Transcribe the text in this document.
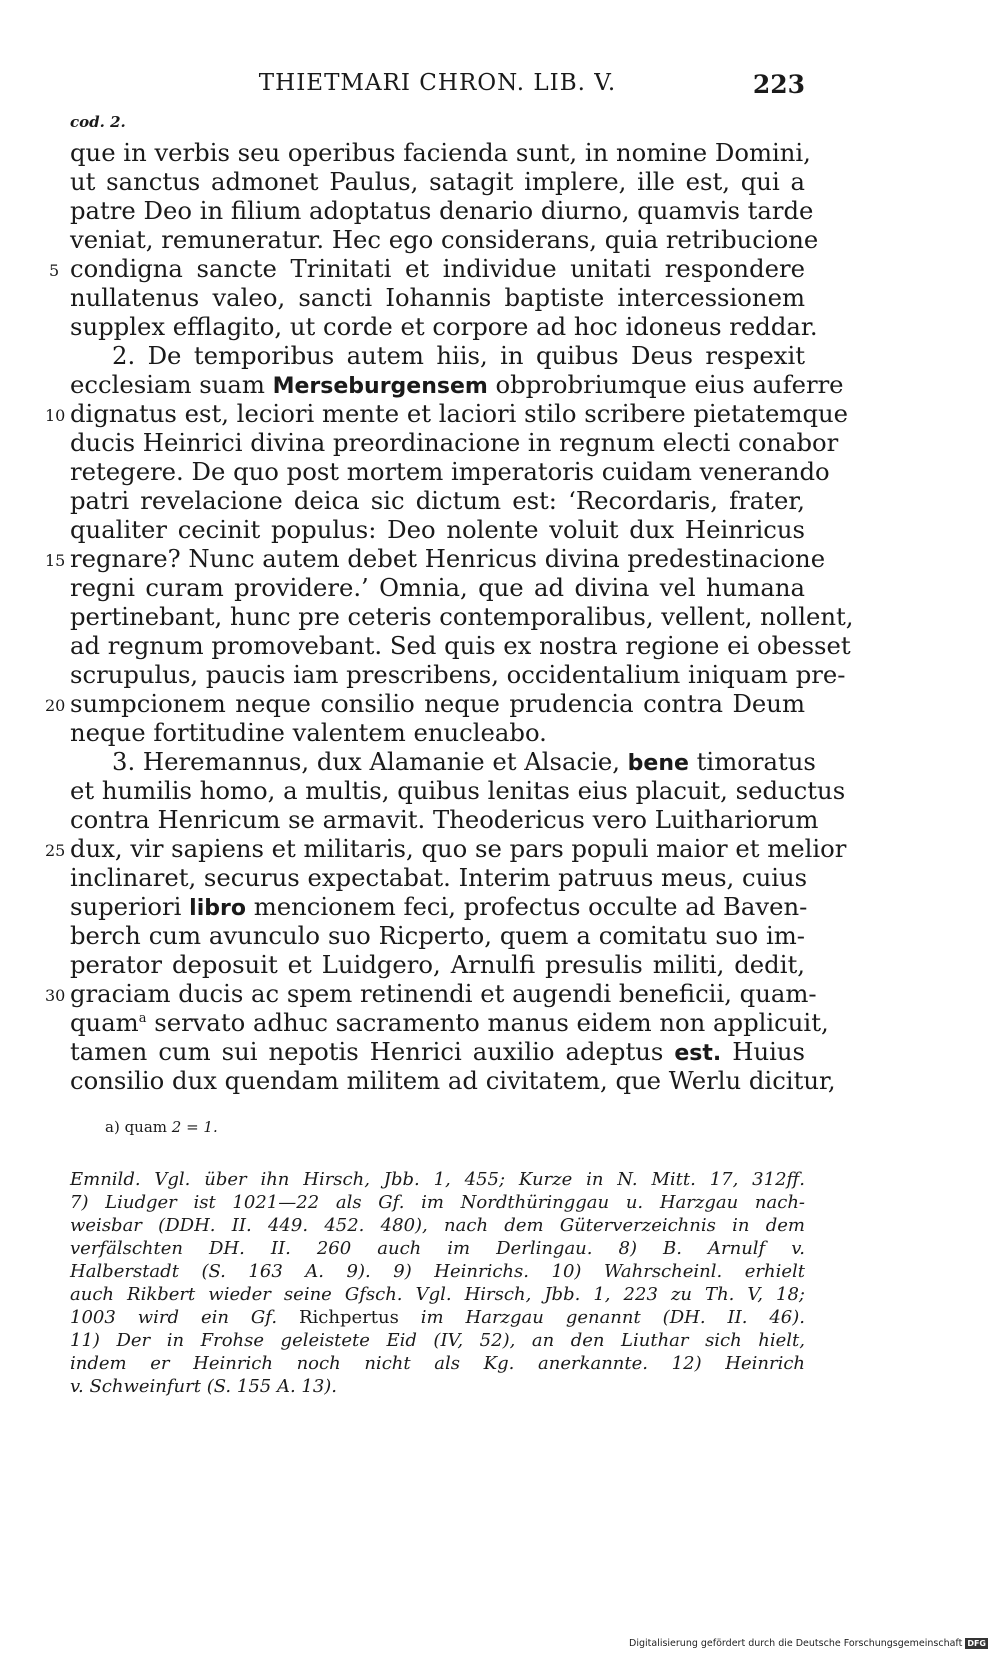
THIETMARI CHRON. LIB. V.	223
cod. 2.
que in verbis seu operibus facienda sunt, in nomine Domini,
ut sanctus admonet Paulus, satagit implere, ille est, qui a
patre Deo in filium adoptatus denario diurno, quamvis tarde
veniat, remuneratur. Hec ego considerans, quia retribucione
5 condigna sancte Trinitati et individue unitati respondere
nullatenus valeo, sancti Iohannis baptiste intercessionem
supplex efflagito, ut corde et corpore ad hoc idoneus reddar.
2. De temporibus autem hiis, in quibus Deus respexit
ecclesiam suam Merseburgensem obprobriumque eius auferre
10 dignatus est, leciori mente et laciori stilo scribere pietatemque
ducis Heinrici divina preordinacione in regnum electi conabor
retegere. De quo post mortem imperatoris cuidam venerando
patri revelacione deica sic dictum est: ‘Recordaris, frater,
qualiter cecinit populus: Deo nolente voluit dux Heinricus
15 regnare? Nunc autem debet Henricus divina predestinacione
regni curam providere.’ Omnia, que ad divina vel humana
pertinebant, hunc pre ceteris contemporalibus, vellent, nollent,
ad regnum promovebant. Sed quis ex nostra regione ei obesset
scrupulus, paucis iam prescribens, occidentalium iniquam pre-
20 sumpcionem neque consilio neque prudencia contra Deum
neque fortitudine valentem enucleabo.
3. Heremannus, dux Alamanie et Alsacie, bene timoratus
et humilis homo, a multis, quibus lenitas eius placuit, seductus
contra Henricum se armavit. Theodericus vero Luithariorum
25 dux, vir sapiens et militaris, quo se pars populi maior et melior
inclinaret, securus expectabat. Interim patruus meus, cuius
superiori libro mencionem feci, profectus occulte ad Baven-
berch cum avunculo suo Ricperto, quem a comitatu suo im-
perator deposuit et Luidgero, Arnulfi presulis militi, dedit,
30 graciam ducis ac spem retinendi et augendi beneficii, quam-
quam$^a$ servato adhuc sacramento manus eidem non applicuit,
tamen cum sui nepotis Henrici auxilio adeptus est. Huius
consilio dux quendam militem ad civitatem, que Werlu dicitur,
a) quam 2 = 1.
Emnild. Vgl. über ihn Hirsch, Jbb. 1, 455; Kurze in N. Mitt. 17, 312ff.
7) Liudger ist 1021—22 als Gf. im Nordthüringgau u. Harzgau nach-
weisbar (DDH. II. 449. 452. 480), nach dem Güterverzeichnis in dem
verfälschten DH. II. 260 auch im Derlingau. 8) B. Arnulf v.
Halberstadt (S. 163 A. 9). 9) Heinrichs. 10) Wahrscheinl. erhielt
auch Rikbert wieder seine Gfsch. Vgl. Hirsch, Jbb. 1, 223 zu Th. V, 18;
1003 wird ein Gf. Richpertus im Harzgau genannt (DH. II. 46).
11) Der in Frohse geleistete Eid (IV, 52), an den Liuthar sich hielt,
indem er Heinrich noch nicht als Kg. anerkannte. 12) Heinrich
v. Schweinfurt (S. 155 A. 13).
Digitalisierung gefördert durch die Deutsche Forschungsgemeinschaft DFG
